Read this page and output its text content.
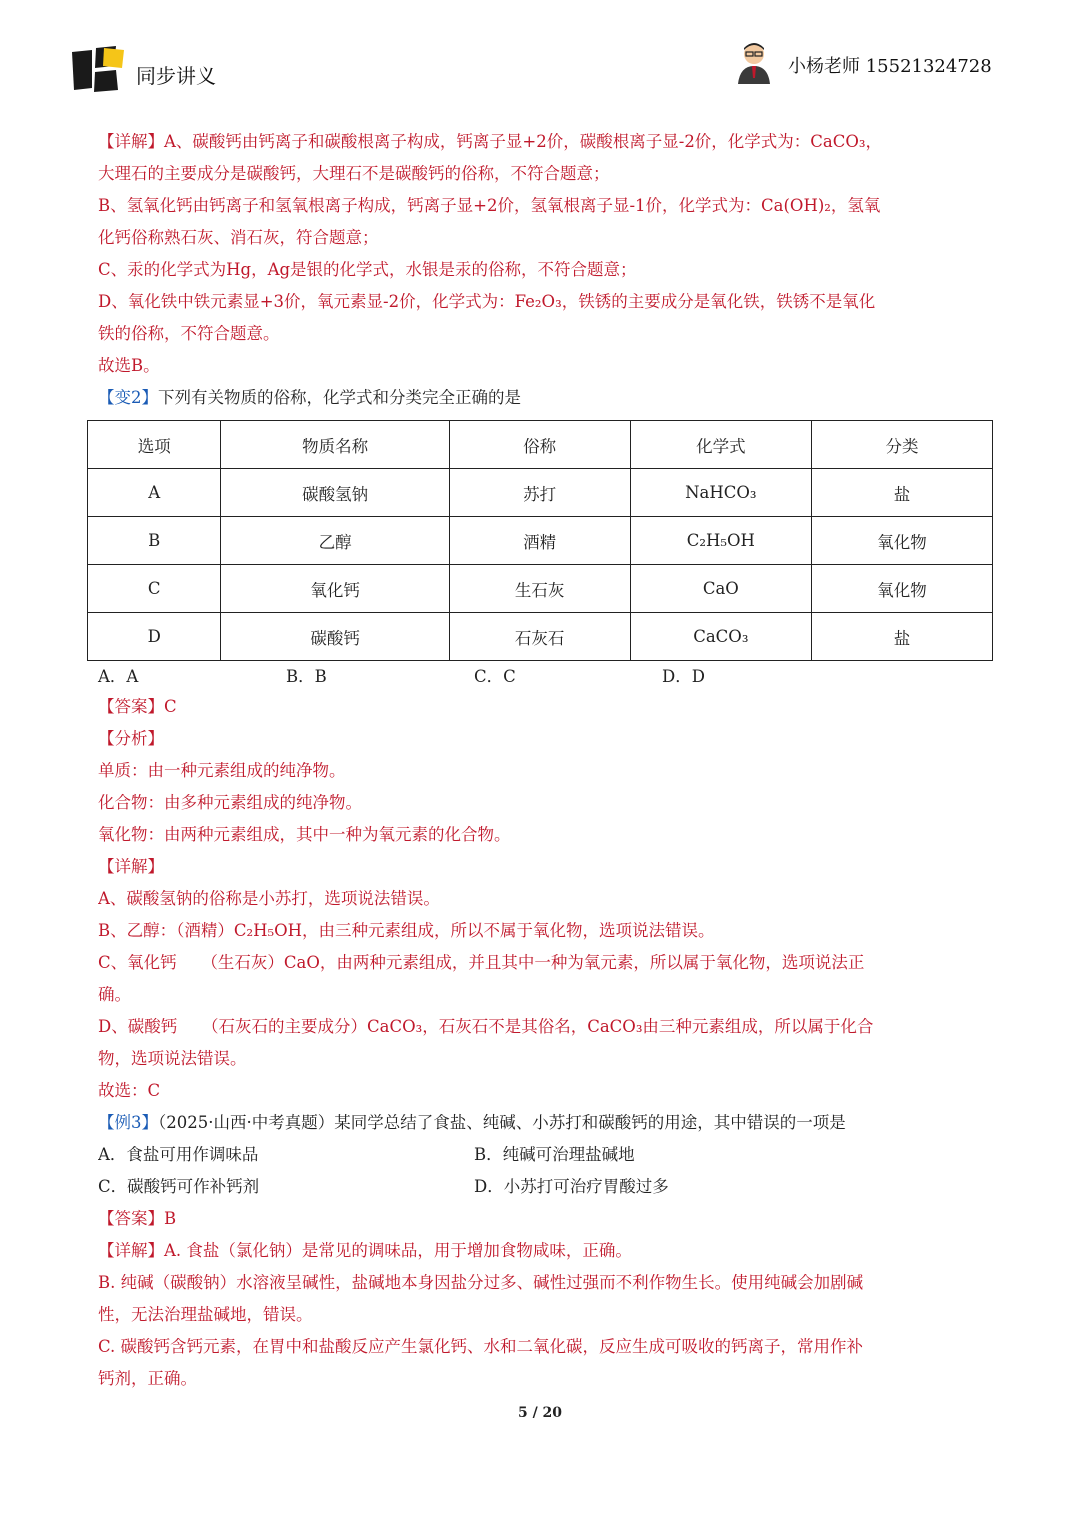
同步讲义	小杨老师 15521324728
【详解】A、碳酸钙由钙离子和碳酸根离子构成，钙离子显+2价，碳酸根离子显-2价，化学式为：CaCO₃，
大理石的主要成分是碳酸钙，大理石不是碳酸钙的俗称，不符合题意；
B、氢氧化钙由钙离子和氢氧根离子构成，钙离子显+2价，氢氧根离子显-1价，化学式为：Ca(OH)₂，氢氧
化钙俗称熟石灰、消石灰，符合题意；
C、汞的化学式为Hg，Ag是银的化学式，水银是汞的俗称，不符合题意；
D、氧化铁中铁元素显+3价，氧元素显-2价，化学式为：Fe₂O₃，铁锈的主要成分是氧化铁，铁锈不是氧化
铁的俗称，不符合题意。
故选B。
【变2】下列有关物质的俗称，化学式和分类完全正确的是
选项	物质名称	俗称	化学式	分类
A	碳酸氢钠	苏打	NaHCO₃	盐
B	乙醇	酒精	C₂H₅OH	氧化物
C	氧化钙	生石灰	CaO	氧化物
D	碳酸钙	石灰石	CaCO₃	盐
A．A	B．B	C．C	D．D
【答案】C
【分析】
单质：由一种元素组成的纯净物。
化合物：由多种元素组成的纯净物。
氧化物：由两种元素组成，其中一种为氧元素的化合物。
【详解】
A、碳酸氢钠的俗称是小苏打，选项说法错误。
B、乙醇：（酒精）C₂H₅OH，由三种元素组成，所以不属于氧化物，选项说法错误。
C、氧化钙　　（生石灰）CaO，由两种元素组成，并且其中一种为氧元素，所以属于氧化物，选项说法正
确。
D、碳酸钙　　（石灰石的主要成分）CaCO₃，石灰石不是其俗名，CaCO₃由三种元素组成，所以属于化合
物，选项说法错误。
故选：C
【例3】（2025·山西·中考真题）某同学总结了食盐、纯碱、小苏打和碳酸钙的用途，其中错误的一项是
A．食盐可用作调味品	B．纯碱可治理盐碱地
C．碳酸钙可作补钙剂	D．小苏打可治疗胃酸过多
【答案】B
【详解】A. 食盐（氯化钠）是常见的调味品，用于增加食物咸味，正确。
B. 纯碱（碳酸钠）水溶液呈碱性，盐碱地本身因盐分过多、碱性过强而不利作物生长。使用纯碱会加剧碱
性，无法治理盐碱地，错误。
C. 碳酸钙含钙元素，在胃中和盐酸反应产生氯化钙、水和二氧化碳，反应生成可吸收的钙离子，常用作补
钙剂，正确。
5 / 20
